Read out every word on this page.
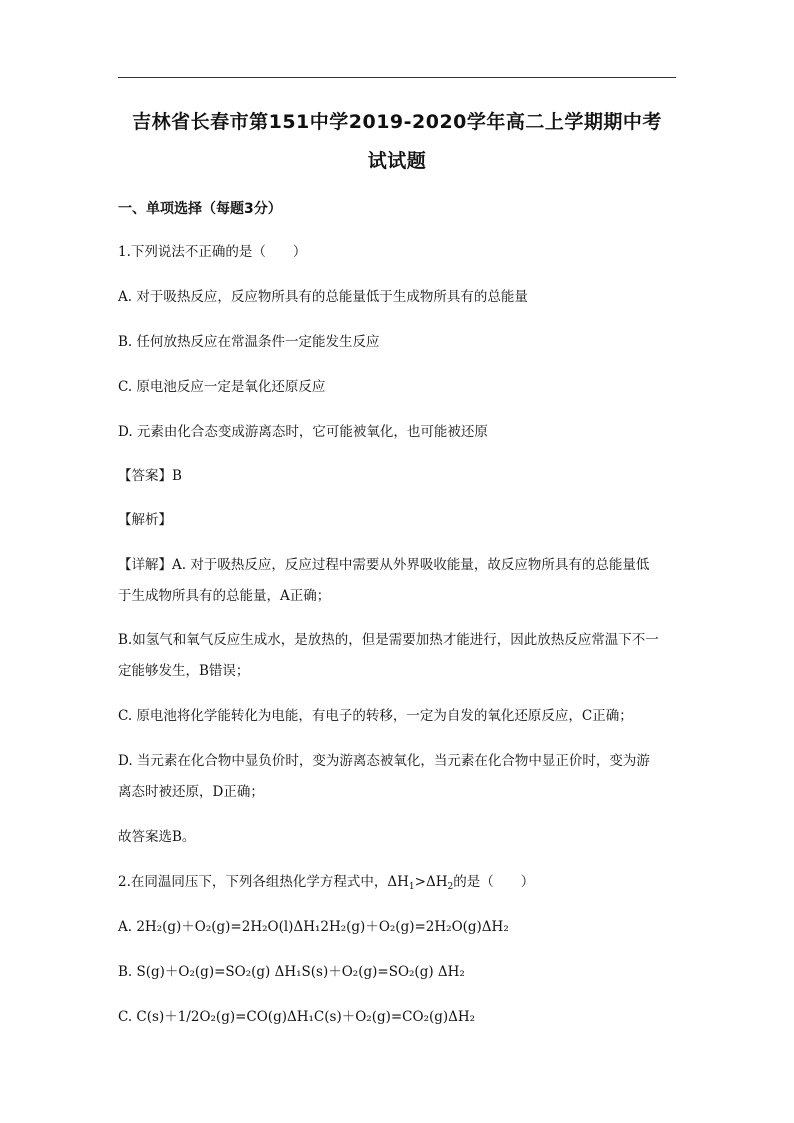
吉林省长春市第151中学2019-2020学年高二上学期期中考
试试题
一、单项选择（每题3分）
1.下列说法不正确的是（　　）
A. 对于吸热反应，反应物所具有的总能量低于生成物所具有的总能量
B. 任何放热反应在常温条件一定能发生反应
C. 原电池反应一定是氧化还原反应
D. 元素由化合态变成游离态时，它可能被氧化，也可能被还原
【答案】B
【解析】
【详解】A. 对于吸热反应，反应过程中需要从外界吸收能量，故反应物所具有的总能量低
于生成物所具有的总能量，A正确；
B.如氢气和氧气反应生成水，是放热的，但是需要加热才能进行，因此放热反应常温下不一
定能够发生，B错误；
C. 原电池将化学能转化为电能，有电子的转移，一定为自发的氧化还原反应，C正确；
D. 当元素在化合物中显负价时，变为游离态被氧化，当元素在化合物中显正价时，变为游
离态时被还原，D正确；
故答案选B。
2.在同温同压下，下列各组热化学方程式中，$\Delta H_1>\Delta H_2$的是（　　）
A. 2H₂(g)＋O₂(g)=2H₂O(l)ΔH₁2H₂(g)＋O₂(g)=2H₂O(g)ΔH₂
B. S(g)＋O₂(g)=SO₂(g) ΔH₁S(s)＋O₂(g)=SO₂(g) ΔH₂
C. C(s)＋1/2O₂(g)=CO(g)ΔH₁C(s)＋O₂(g)=CO₂(g)ΔH₂
